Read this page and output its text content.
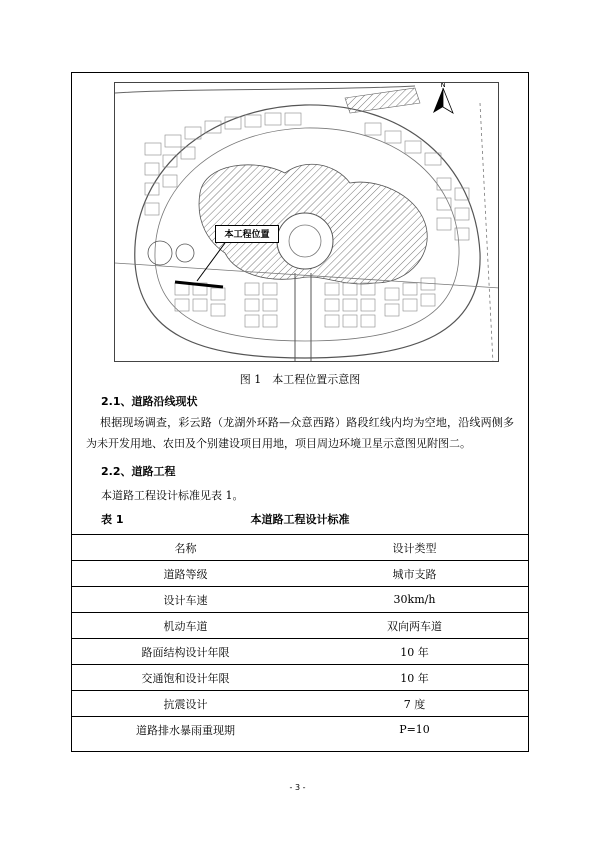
N
本工程位置
图 1　本工程位置示意图
2.1、道路沿线现状

根据现场调查，彩云路（龙湖外环路—众意西路）路段红线内均为空地，沿线两侧多为未开发用地、农田及个别建设项目用地，项目周边环境卫星示意图见附图二。

2.2、道路工程
本道路工程设计标准见表 1。
表 1	本道路工程设计标准
名称	设计类型
道路等级	城市支路
设计车速	30km/h
机动车道	双向两车道
路面结构设计年限	10 年
交通饱和设计年限	10 年
抗震设计	7 度
道路排水暴雨重现期	P=10
- 3 -
